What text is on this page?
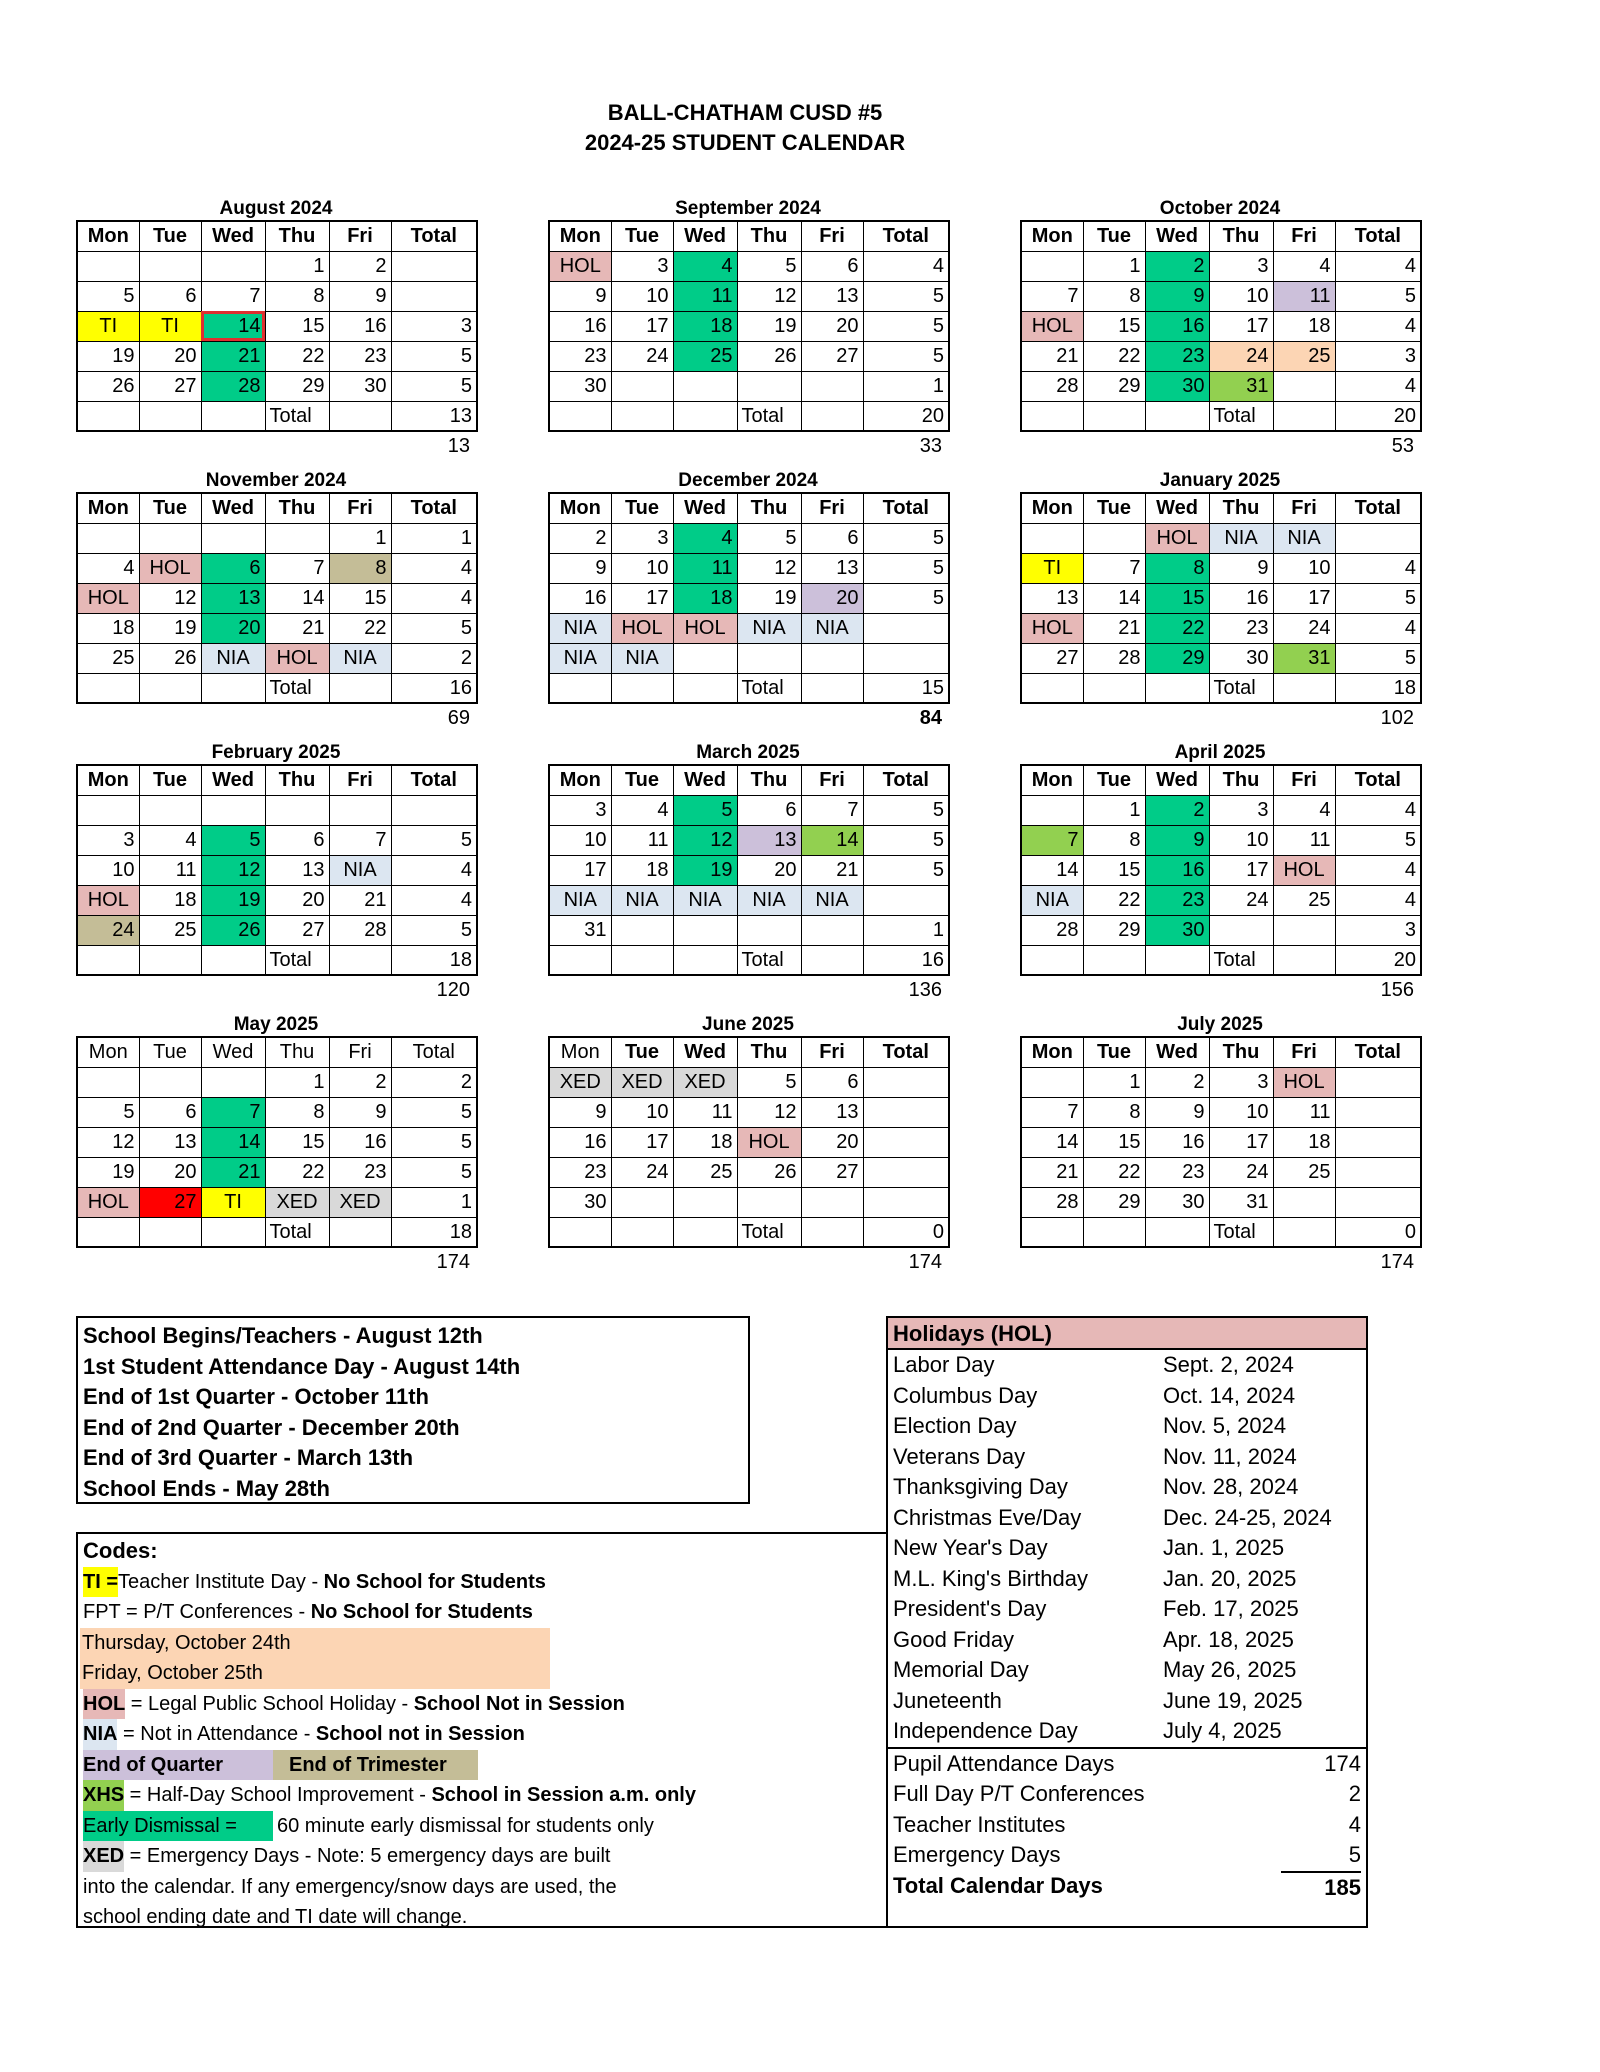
BALL-CHATHAM CUSD #5
2024-25 STUDENT CALENDAR
August 2024
Mon	Tue	Wed	Thu	Fri	Total
			1	2	
5	6	7	8	9	
TI	TI	14	15	16	3
19	20	21	22	23	5
26	27	28	29	30	5
			Total		13
13
September 2024
Mon	Tue	Wed	Thu	Fri	Total
HOL	3	4	5	6	4
9	10	11	12	13	5
16	17	18	19	20	5
23	24	25	26	27	5
30					1
			Total		20
33
October 2024
Mon	Tue	Wed	Thu	Fri	Total
	1	2	3	4	4
7	8	9	10	11	5
HOL	15	16	17	18	4
21	22	23	24	25	3
28	29	30	31		4
			Total		20
53
November 2024
Mon	Tue	Wed	Thu	Fri	Total
				1	1
4	HOL	6	7	8	4
HOL	12	13	14	15	4
18	19	20	21	22	5
25	26	NIA	HOL	NIA	2
			Total		16
69
December 2024
Mon	Tue	Wed	Thu	Fri	Total
2	3	4	5	6	5
9	10	11	12	13	5
16	17	18	19	20	5
NIA	HOL	HOL	NIA	NIA	
NIA	NIA				
			Total		15
84
January 2025
Mon	Tue	Wed	Thu	Fri	Total
		HOL	NIA	NIA	
TI	7	8	9	10	4
13	14	15	16	17	5
HOL	21	22	23	24	4
27	28	29	30	31	5
			Total		18
102
February 2025
Mon	Tue	Wed	Thu	Fri	Total

3	4	5	6	7	5
10	11	12	13	NIA	4
HOL	18	19	20	21	4
24	25	26	27	28	5
			Total		18
120
March 2025
Mon	Tue	Wed	Thu	Fri	Total
3	4	5	6	7	5
10	11	12	13	14	5
17	18	19	20	21	5
NIA	NIA	NIA	NIA	NIA	
31					1
			Total		16
136
April 2025
Mon	Tue	Wed	Thu	Fri	Total
	1	2	3	4	4
7	8	9	10	11	5
14	15	16	17	HOL	4
NIA	22	23	24	25	4
28	29	30			3
			Total		20
156
May 2025
Mon	Tue	Wed	Thu	Fri	Total
			1	2	2
5	6	7	8	9	5
12	13	14	15	16	5
19	20	21	22	23	5
HOL	27	TI	XED	XED	1
			Total		18
174
June 2025
Mon	Tue	Wed	Thu	Fri	Total
XED	XED	XED	5	6	
9	10	11	12	13	
16	17	18	HOL	20	
23	24	25	26	27	
30					
			Total		0
174
July 2025
Mon	Tue	Wed	Thu	Fri	Total
	1	2	3	HOL	
7	8	9	10	11	
14	15	16	17	18	
21	22	23	24	25	
28	29	30	31		
			Total		0
174
School Begins/Teachers - August 12th
1st Student Attendance Day - August 14th
End of 1st Quarter - October 11th
End of 2nd Quarter - December 20th
End of 3rd Quarter - March 13th
School Ends - May 28th
Codes:
TI =Teacher Institute Day - No School for Students
FPT = P/T Conferences - No School for Students
Thursday, October 24th
Friday, October 25th
HOL = Legal Public School Holiday - School Not in Session
NIA = Not in Attendance - School not in Session
End of Quarter	End of Trimester
XHS = Half-Day School Improvement - School in Session a.m. only
Early Dismissal =60 minute early dismissal for students only
XED = Emergency Days - Note: 5 emergency days are built
into the calendar. If any emergency/snow days are used, the
school ending date and TI date will change.
Holidays (HOL)
Labor Day	Sept. 2, 2024
Columbus Day	Oct. 14, 2024
Election Day	Nov. 5, 2024
Veterans Day	Nov. 11, 2024
Thanksgiving Day	Nov. 28, 2024
Christmas Eve/Day	Dec. 24-25, 2024
New Year's Day	Jan. 1, 2025
M.L. King's Birthday	Jan. 20, 2025
President's Day	Feb. 17, 2025
Good Friday	Apr. 18, 2025
Memorial Day	May 26, 2025
Juneteenth	June 19, 2025
Independence Day	July 4, 2025
Pupil Attendance Days	174
Full Day P/T Conferences	2
Teacher Institutes	4
Emergency Days	5
Total Calendar Days	185
